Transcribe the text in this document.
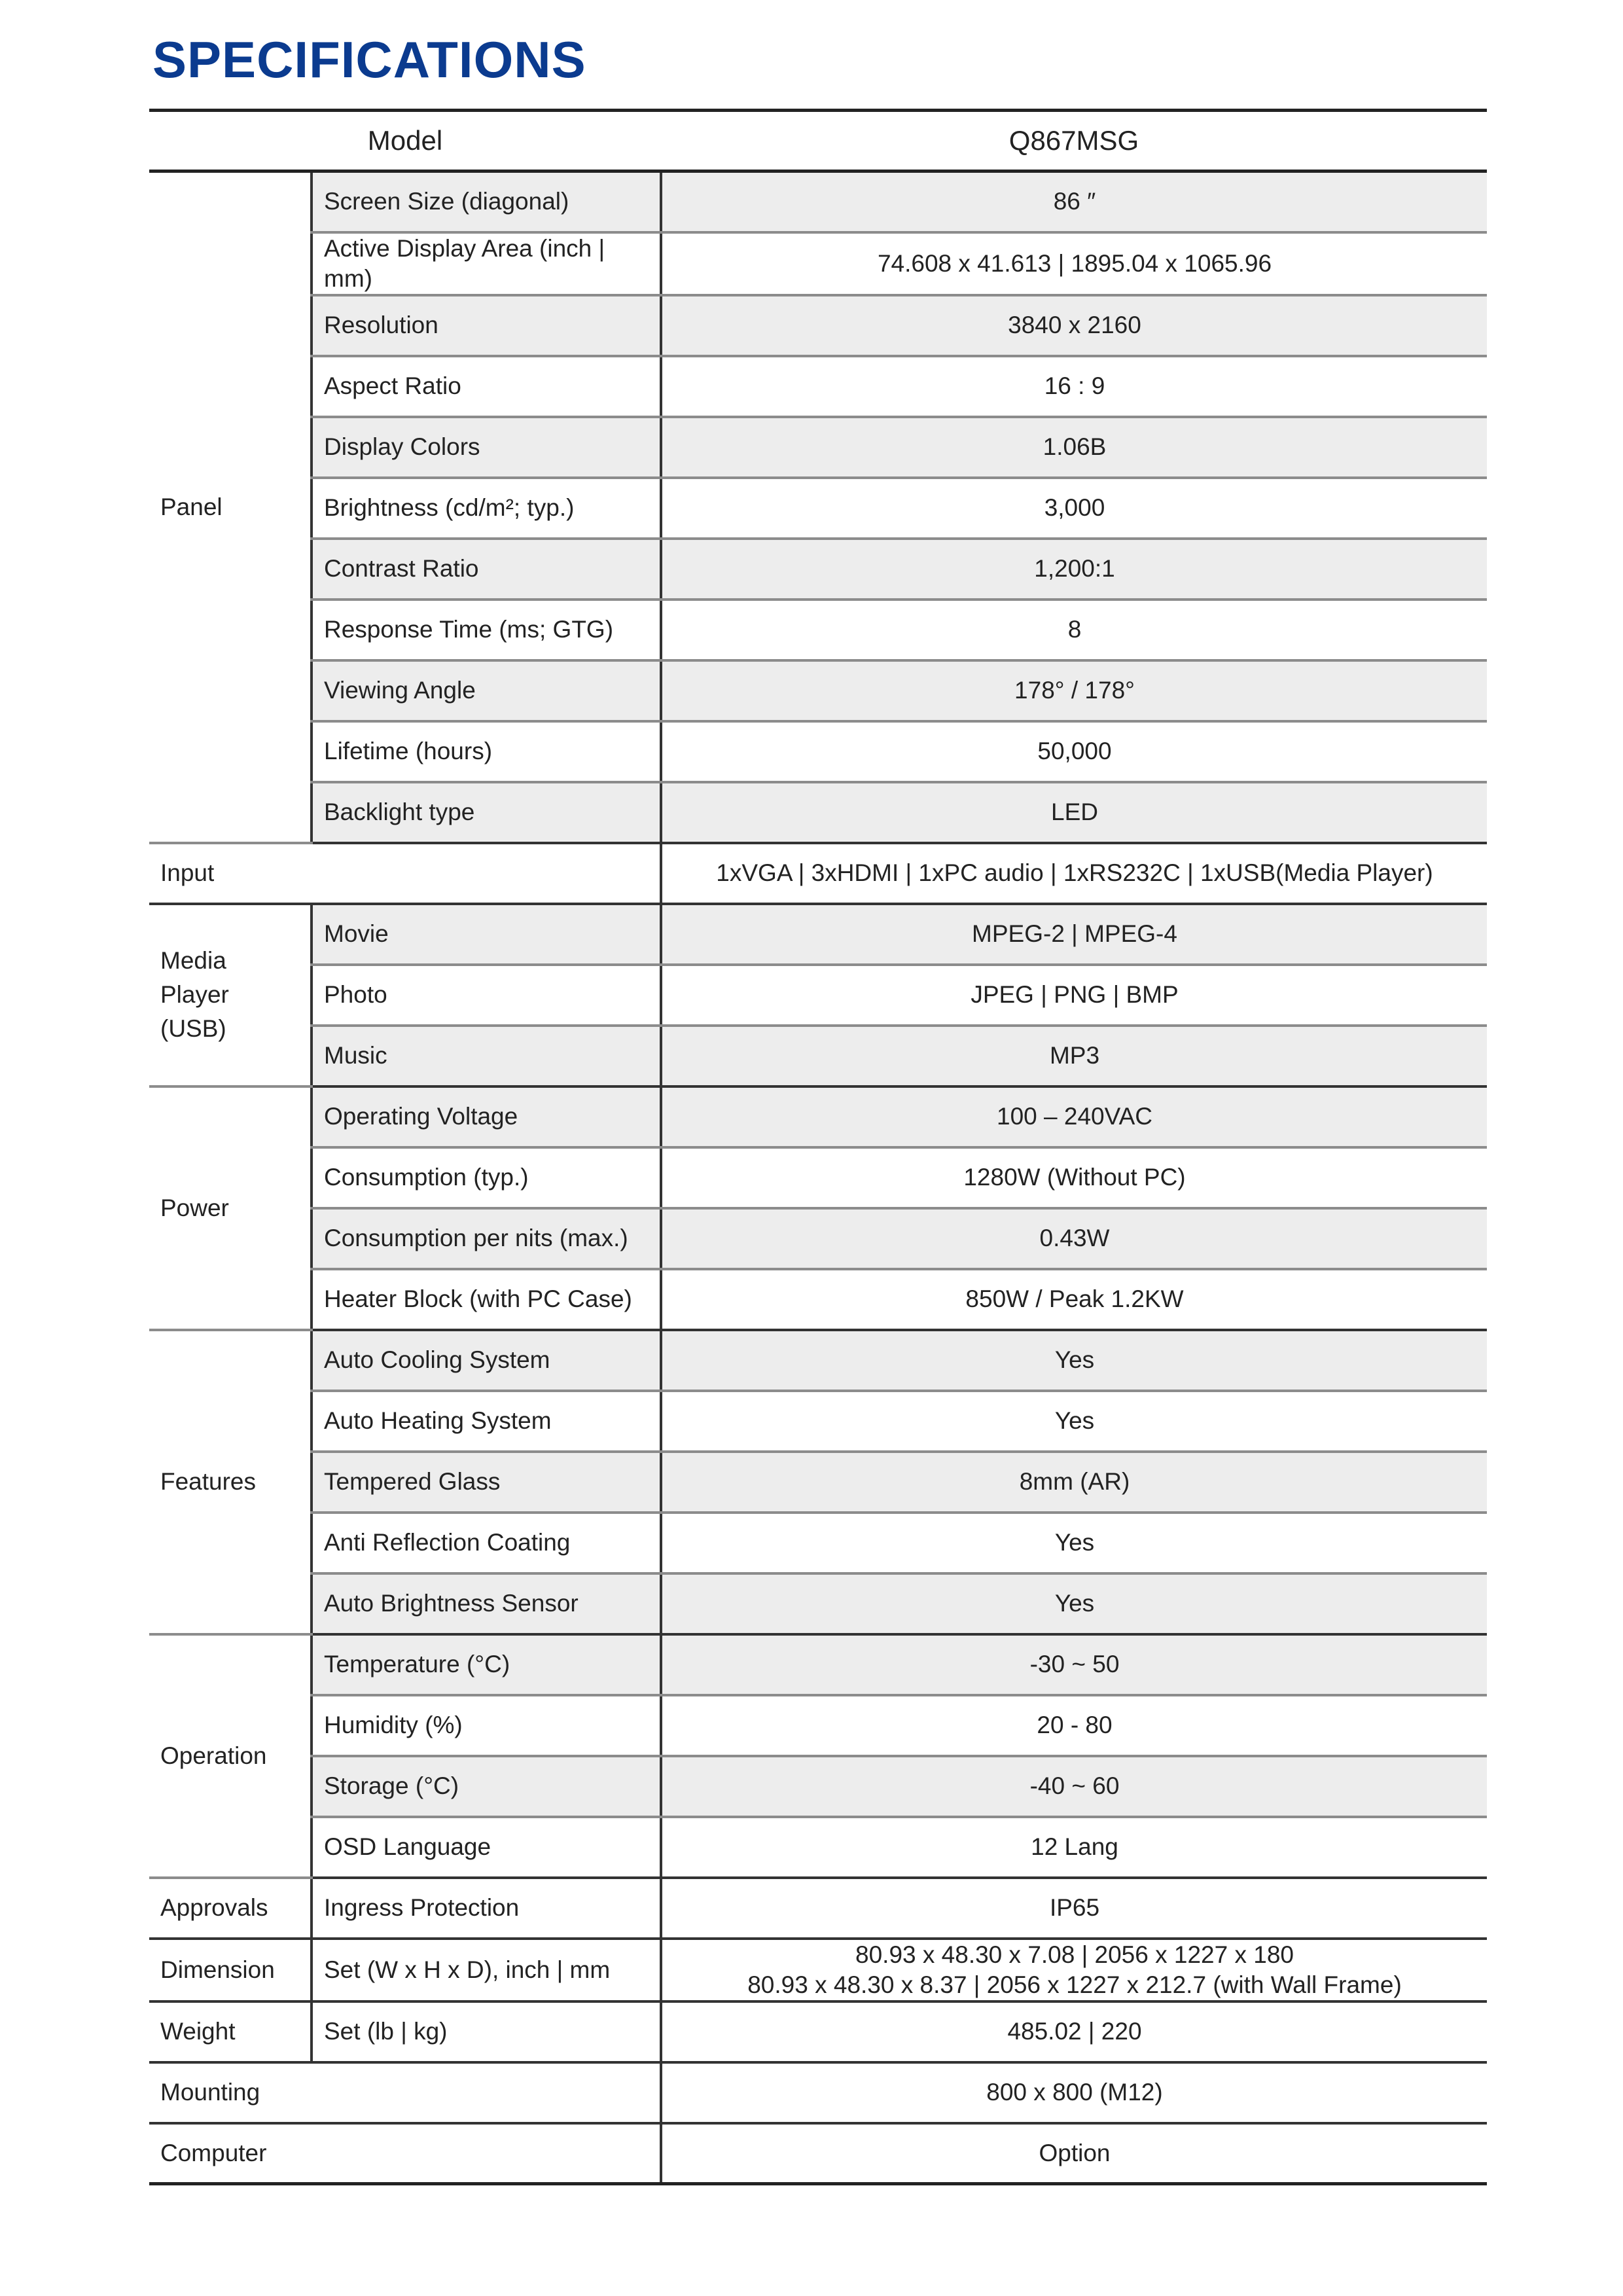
SPECIFICATIONS
Model		Q867MSG
Panel	Screen Size (diagonal)	86 ″
	Active Display Area (inch | mm)	74.608 x 41.613 | 1895.04 x 1065.96
	Resolution	3840 x 2160
	Aspect Ratio	16 : 9
	Display Colors	1.06B
	Brightness (cd/m²; typ.)	3,000
	Contrast Ratio	1,200:1
	Response Time (ms; GTG)	8
	Viewing Angle	178° / 178°
	Lifetime (hours)	50,000
	Backlight type	LED
Input		1xVGA | 3xHDMI | 1xPC audio | 1xRS232C | 1xUSB(Media Player)
Media Player (USB)	Movie	MPEG-2 | MPEG-4
	Photo	JPEG | PNG | BMP
	Music	MP3
Power	Operating Voltage	100 – 240VAC
	Consumption (typ.)	1280W (Without PC)
	Consumption per nits (max.)	0.43W
	Heater Block (with PC Case)	850W / Peak 1.2KW
Features	Auto Cooling System	Yes
	Auto Heating System	Yes
	Tempered Glass	8mm (AR)
	Anti Reflection Coating	Yes
	Auto Brightness Sensor	Yes
Operation	Temperature (°C)	-30 ~ 50
	Humidity (%)	20 - 80
	Storage (°C)	-40 ~ 60
	OSD Language	12 Lang
Approvals	Ingress Protection	IP65
Dimension	Set (W x H x D), inch | mm	80.93 x 48.30 x 7.08 | 2056 x 1227 x 180
80.93 x 48.30 x 8.37 | 2056 x 1227 x 212.7 (with Wall Frame)

Weight	Set (lb | kg)	485.02 | 220
Mounting		800 x 800 (M12)
Computer		Option
